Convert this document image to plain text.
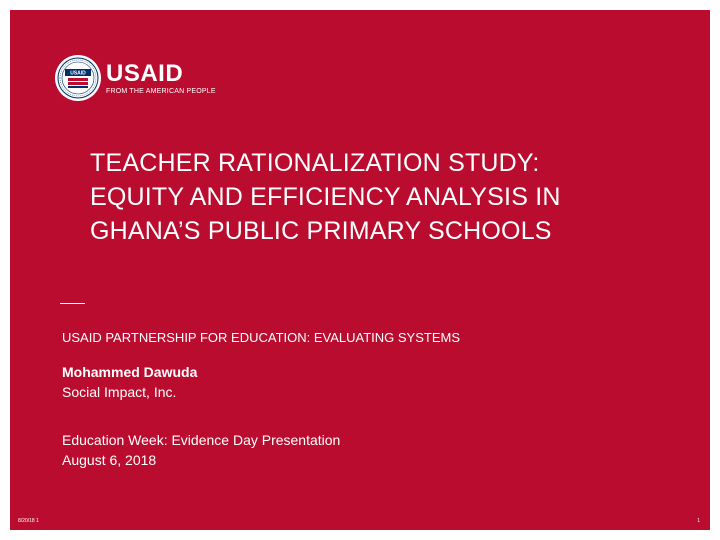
USAID USAID
FROM THE AMERICAN PEOPLE
TEACHER RATIONALIZATION STUDY:
EQUITY AND EFFICIENCY ANALYSIS IN
GHANA’S PUBLIC PRIMARY SCHOOLS
USAID PARTNERSHIP FOR EDUCATION: EVALUATING SYSTEMS
Mohammed Dawuda
Social Impact, Inc.
Education Week: Evidence Day Presentation
August 6, 2018
8/20/18 1	1
